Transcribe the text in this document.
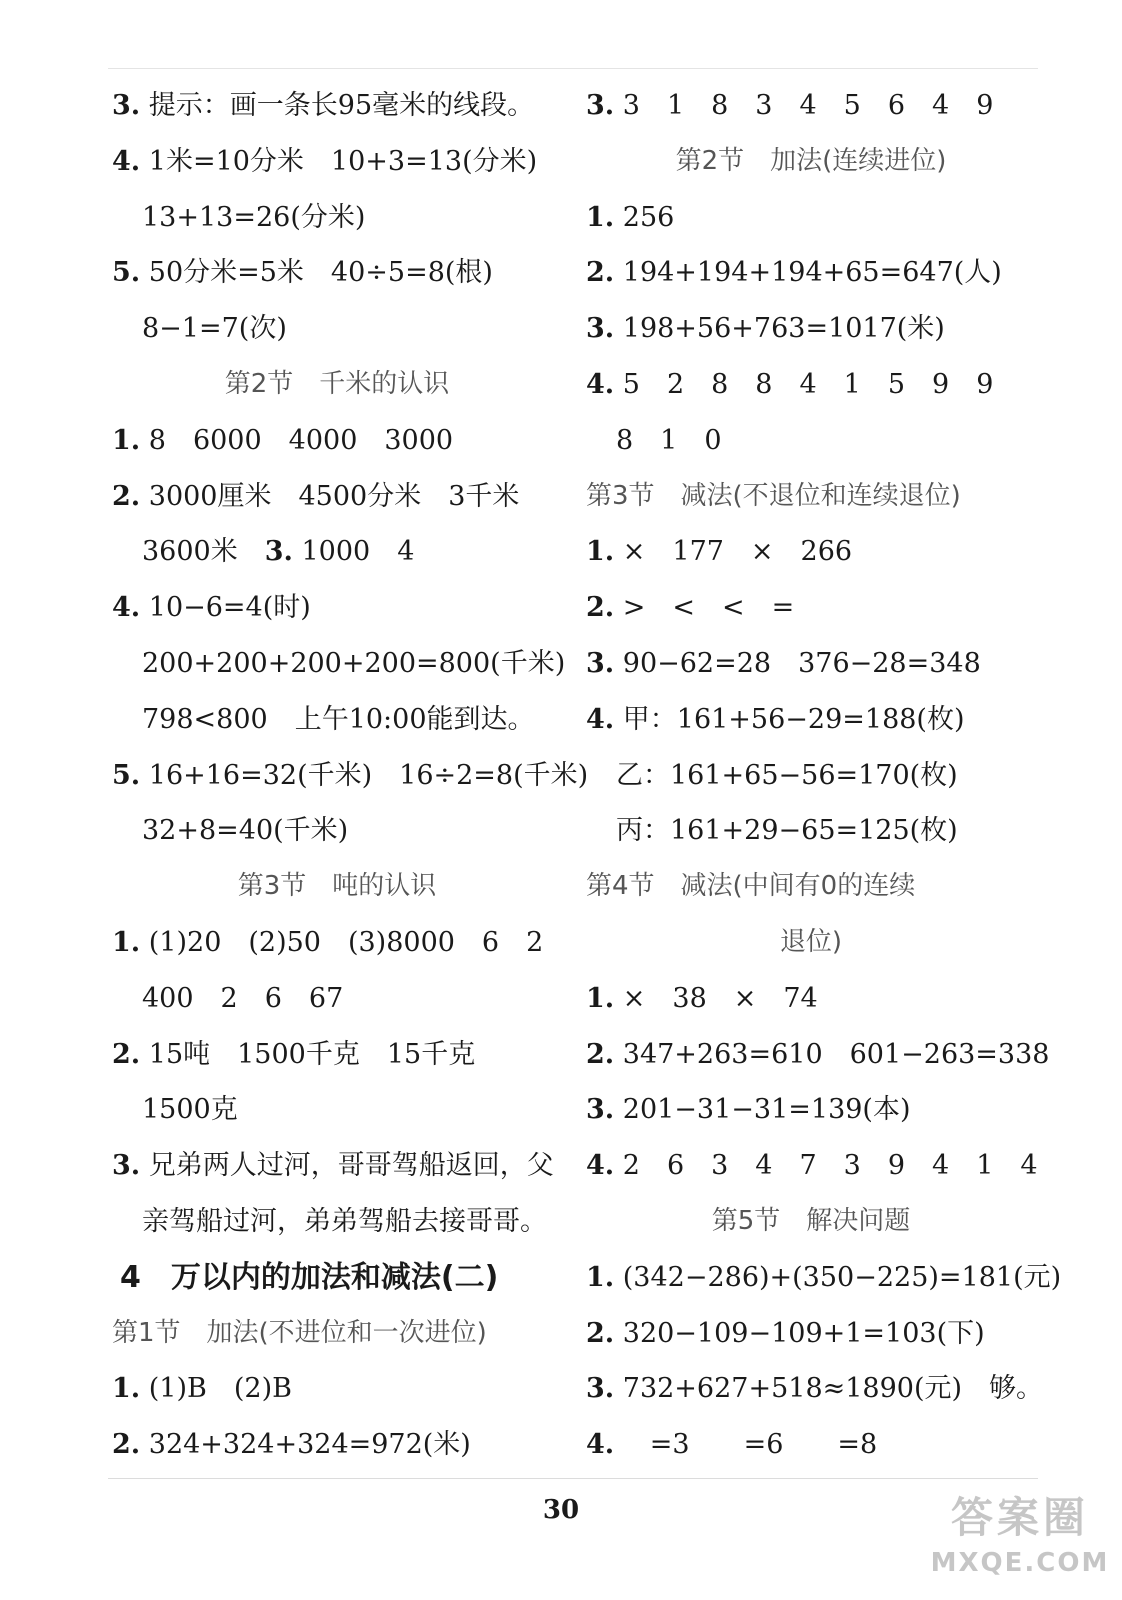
3. 提示：画一条长95毫米的线段。
4. 1米=10分米　10+3=13(分米)
13+13=26(分米)
5. 50分米=5米　40÷5=8(根)
8−1=7(次)
第2节　千米的认识
1. 8　6000　4000　3000
2. 3000厘米　4500分米　3千米
3600米　3. 1000　4
4. 10−6=4(时)
200+200+200+200=800(千米)
798<800　上午10:00能到达。
5. 16+16=32(千米)　16÷2=8(千米)
32+8=40(千米)
第3节　吨的认识
1. (1)20　(2)50　(3)8000　6　2
400　2　6　67
2. 15吨　1500千克　15千克
1500克
3. 兄弟两人过河，哥哥驾船返回，父
亲驾船过河，弟弟驾船去接哥哥。
4　万以内的加法和减法(二)
第1节　加法(不进位和一次进位)
1. (1)B　(2)B
2. 324+324+324=972(米)
3. 3　1　8　3　4　5　6　4　9
第2节　加法(连续进位)
1. 256
2. 194+194+194+65=647(人)
3. 198+56+763=1017(米)
4. 5　2　8　8　4　1　5　9　9
8　1　0
第3节　减法(不退位和连续退位)
1. ×　177　×　266
2. >　<　<　=
3. 90−62=28　376−28=348
4. 甲：161+56−29=188(枚)
乙：161+65−56=170(枚)
丙：161+29−65=125(枚)
第4节　减法(中间有0的连续
退位)
1. ×　38　×　74
2. 347+263=610　601−263=338
3. 201−31−31=139(本)
4. 2　6　3　4　7　3　9　4　1　4
第5节　解决问题
1. (342−286)+(350−225)=181(元)
2. 320−109−109+1=103(下)
3. 732+627+518≈1890(元)　够。
4. 　=3　　=6　　=8
30	答案圈
MXQE.COM
